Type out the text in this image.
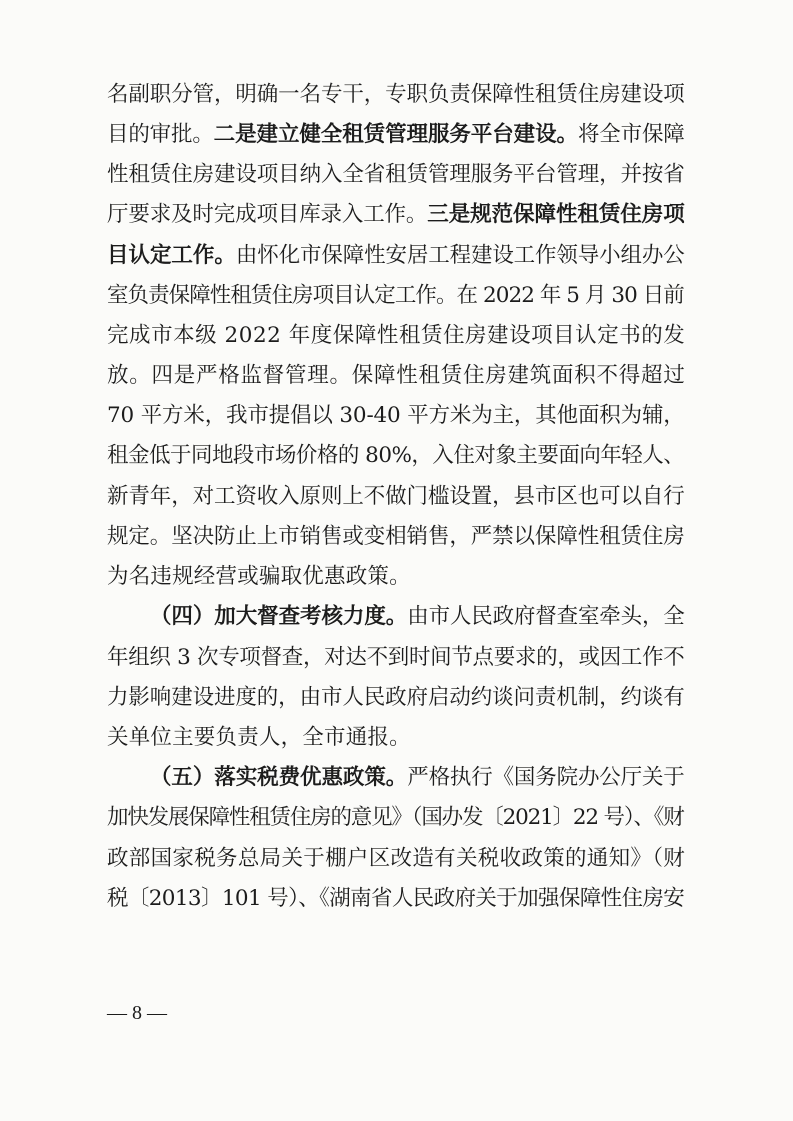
名副职分管，明确一名专干，专职负责保障性租赁住房建设项
目的审批。二是建立健全租赁管理服务平台建设。将全市保障
性租赁住房建设项目纳入全省租赁管理服务平台管理，并按省
厅要求及时完成项目库录入工作。三是规范保障性租赁住房项
目认定工作。由怀化市保障性安居工程建设工作领导小组办公
室负责保障性租赁住房项目认定工作。在 2022 年 5 月 30 日前
完成市本级 2022 年度保障性租赁住房建设项目认定书的发
放。四是严格监督管理。保障性租赁住房建筑面积不得超过
70 平方米，我市提倡以 30-40 平方米为主，其他面积为辅，
租金低于同地段市场价格的 80%，入住对象主要面向年轻人、
新青年，对工资收入原则上不做门槛设置，县市区也可以自行
规定。坚决防止上市销售或变相销售，严禁以保障性租赁住房
为名违规经营或骗取优惠政策。
（四）加大督查考核力度。由市人民政府督查室牵头，全
年组织 3 次专项督查，对达不到时间节点要求的，或因工作不
力影响建设进度的，由市人民政府启动约谈问责机制，约谈有
关单位主要负责人，全市通报。
（五）落实税费优惠政策。严格执行《国务院办公厅关于
加快发展保障性租赁住房的意见》（国办发〔2021〕22 号）、《财
政部国家税务总局关于棚户区改造有关税收政策的通知》（财
税〔2013〕101 号）、《湖南省人民政府关于加强保障性住房安
— 8 —
